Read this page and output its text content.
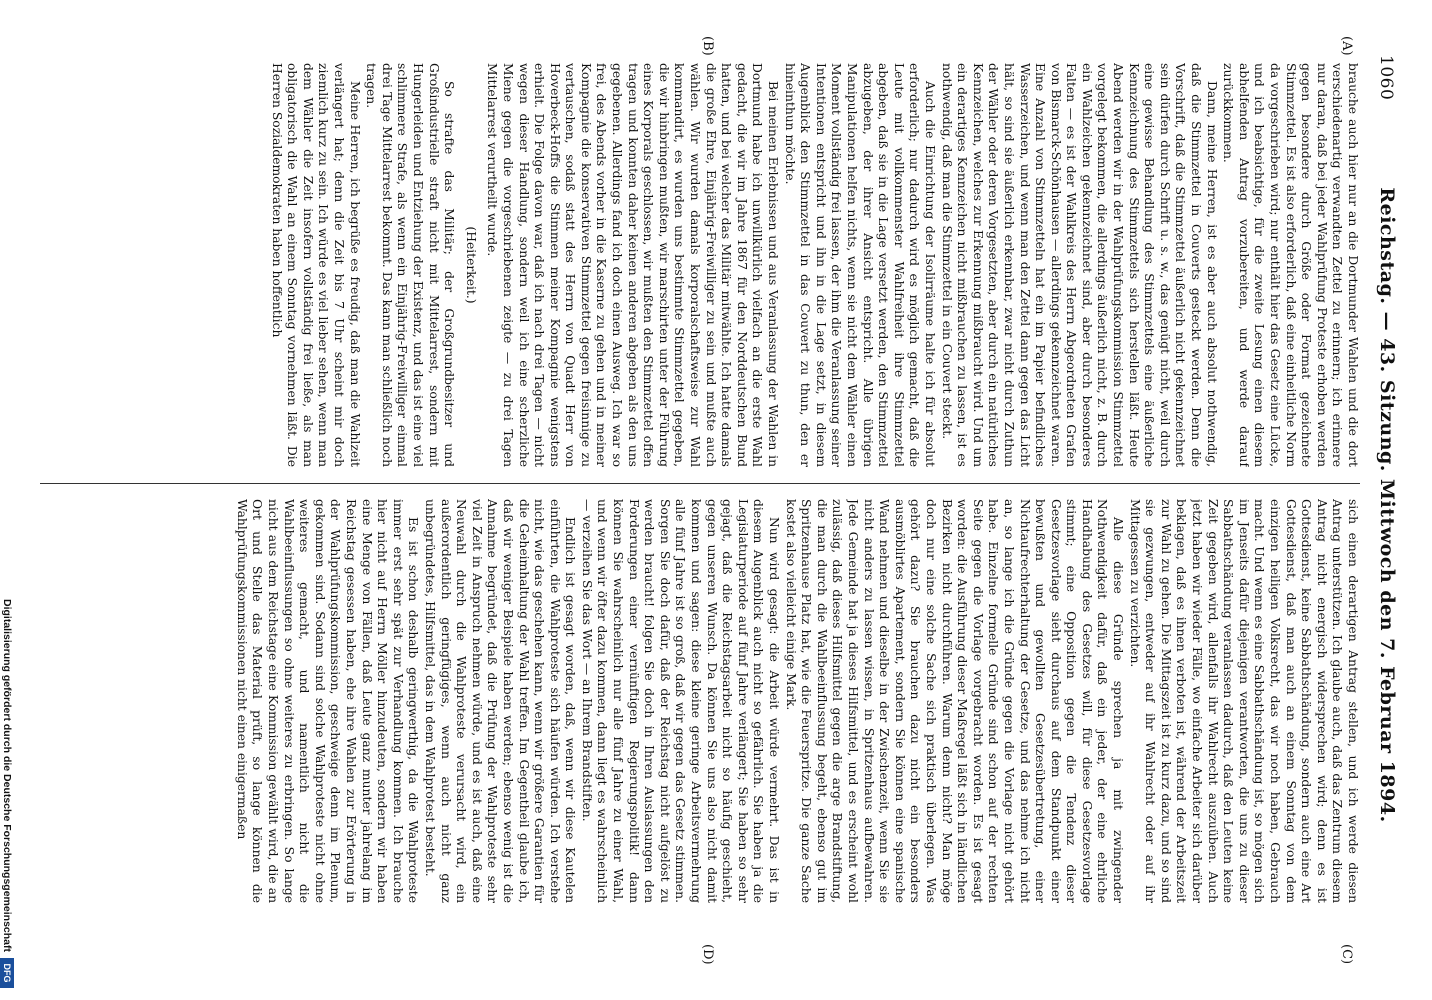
1060
Reichstag. — 43. Sitzung. Mittwoch den 7. Februar 1894.
(A)
(B)
(C)
(D)

brauche auch hier nur an die Dortmunder Wahlen und die dort verschiedenartig verwandten Zettel zu erinnern; ich erinnere nur daran, daß bei jeder Wahlprüfung Proteste erhoben werden gegen besondere durch Größe oder Format gezeichnete Stimmzettel. Es ist also erforderlich, daß eine einheitliche Norm da vorgeschrieben wird; nur enthält hier das Gesetz eine Lücke, und ich beabsichtige, für die zweite Lesung einen diesem abhelfenden Antrag vorzubereiten, und werde darauf zurückkommen.

Dann, meine Herren, ist es aber auch absolut nothwendig, daß die Stimmzettel in Couverts gesteckt werden. Denn die Vorschrift, daß die Stimmzettel äußerlich nicht gekennzeichnet sein dürfen durch Schrift u. s. w., das genügt nicht, weil durch eine gewisse Behandlung des Stimmzettels eine äußerliche Kennzeichnung des Stimmzettels sich herstellen läßt. Heute Abend werden wir in der Wahlprüfungskommission Stimmzettel vorgelegt bekommen, die allerdings äußerlich nicht, z. B. durch ein Wahlzeichen gekennzeichnet sind, aber durch besonderes Falten — es ist der Wahlkreis des Herrn Abgeordneten Grafen von Bismarck-Schönhausen — allerdings gekennzeichnet waren. Eine Anzahl von Stimmzetteln hat ein im Papier befindliches Wasserzeichen, und wenn man den Zettel dann gegen das Licht hält, so sind sie äußerlich erkennbar, zwar nicht durch Zuthun der Wähler oder deren Vorgesetzten, aber durch ein natürliches Kennzeichen, welches zur Erkennung mißbraucht wird. Und um ein derartiges Kennzeichen nicht mißbrauchen zu lassen, ist es nothwendig, daß man die Stimmzettel in ein Couvert steckt.

Auch die Einrichtung der Isolirräume halte ich für absolut erforderlich; nur dadurch wird es möglich gemacht, daß die Leute mit vollkommenster Wahlfreiheit ihre Stimmzettel abgeben, daß sie in die Lage versetzt werden, den Stimmzettel abzugeben, der ihrer Ansicht entspricht. Alle übrigen Manipulationen helfen nichts, wenn sie nicht dem Wähler einen Moment vollständig frei lassen, der ihm die Veranlassung seiner Intentionen entspricht und ihn in die Lage setzt, in diesem Augenblick den Stimmzettel in das Couvert zu thun, den er hineinthun möchte.

Bei meinen Erlebnissen und aus Veranlassung der Wahlen in Dortmund habe ich unwillkürlich vielfach an die erste Wahl gedacht, die wir im Jahre 1867 für den Norddeutschen Bund hatten, und bei welcher das Militär mitwählte. Ich hatte damals die große Ehre, Einjährig-Freiwilliger zu sein und mußte auch wählen. Wir wurden damals korporalschaftsweise zur Wahl kommandirt, es wurden uns bestimmte Stimmzettel gegeben, die wir hinbringen mußten, wir marschirten unter der Führung eines Korporals geschlossen, wir mußten den Stimmzettel offen tragen und konnten daher keinen anderen abgeben als den uns gegebenen. Allerdings fand ich doch einen Ausweg. Ich war so frei, des Abends vorher in die Kaserne zu gehen und in meiner Kompagnie die konservativen Stimmzettel gegen freisinnige zu vertauschen, sodaß statt des Herrn von Quadt Herr von Hoverbeck-Hoffs die Stimmen meiner Kompagnie wenigstens erhielt. Die Folge davon war, daß ich nach drei Tagen — nicht wegen dieser Handlung, sondern weil ich eine scherzliche Miene gegen die vorgeschriebenen zeigte — zu drei Tagen Mittelarrest verurtheilt wurde.

(Heiterkeit.)

So strafte das Militär; der Großgrundbesitzer und Großindustrielle straft nicht mit Mittelarrest, sondern mit Hungerleiden und Entziehung der Existenz, und das ist eine viel schlimmere Strafe, als wenn ein Einjährig-Freiwilliger einmal drei Tage Mittelarrest bekommt. Das kann man schließlich noch tragen.

Meine Herren, ich begrüße es freudig, daß man die Wahlzeit verlängert hat; denn die Zeit bis 7 Uhr scheint mir doch ziemlich kurz zu sein. Ich würde es viel lieber sehen, wenn man dem Wähler die Zeit insofern vollständig frei ließe, als man obligatorisch die Wahl an einem Sonntag vornehmen läßt. Die Herren Sozialdemokraten haben hoffentlich

sich einen derartigen Antrag stellen, und ich werde diesen Antrag unterstützen. Ich glaube auch, daß das Zentrum diesem Antrag nicht energisch widersprechen wird; denn es ist Gottesdienst, keine Sabbathschändung, sondern auch eine Art Gottesdienst, daß man auch an einem Sonntag von dem einzigen heiligen Volksrecht, das wir noch haben, Gebrauch macht. Und wenn es eine Sabbathschändung ist, so mögen sich im Jenseits dafür diejenigen verantworten, die uns zu dieser Sabbathschändung veranlassen dadurch, daß den Leuten keine Zeit gegeben wird, allenfalls ihr Wahlrecht auszuüben. Auch jetzt haben wir wieder Fälle, wo einfache Arbeiter sich darüber beklagen, daß es ihnen verboten ist, während der Arbeitszeit zur Wahl zu gehen. Die Mittagszeit ist zu kurz dazu, und so sind sie gezwungen, entweder auf ihr Wahlrecht oder auf ihr Mittagessen zu verzichten.

Alle diese Gründe sprechen ja mit zwingender Nothwendigkeit dafür, daß ein jeder, der eine ehrliche Handhabung des Gesetzes will, für diese Gesetzesvorlage stimmt; eine Opposition gegen die Tendenz dieser Gesetzesvorlage sieht durchaus auf dem Standpunkt einer bewußten und gewollten Gesetzesübertretung, einer Nichtaufrechterhaltung der Gesetze, und das nehme ich nicht an, so lange ich die Gründe gegen die Vorlage nicht gehört habe. Einzelne formelle Gründe sind schon auf der rechten Seite gegen die Vorlage vorgebracht worden. Es ist gesagt worden: die Ausführung dieser Maßregel läßt sich in ländlichen Bezirken nicht durchführen. Warum denn nicht? Man möge doch nur eine solche Sache sich praktisch überlegen. Was gehört dazu? Sie brauchen dazu nicht ein besonders ausmöblirtes Apartement, sondern Sie können eine spanische Wand nehmen und dieselbe in der Zwischenzeit, wenn Sie sie nicht anders zu lassen wissen, in Spritzenhaus aufbewahren. Jede Gemeinde hat ja dieses Hilfsmittel, und es erscheint wohl zulässig, daß dieses Hilfsmittel gegen die arge Brandstiftung, die man durch die Wahlbeeinflussung begeht, ebenso gut im Spritzenhause Platz hat, wie die Feuerspritze. Die ganze Sache kostet also vielleicht einige Mark.

Nun wird gesagt: die Arbeit würde vermehrt. Das ist in diesem Augenblick auch nicht so gefährlich. Sie haben ja die Legislaturperiode auf fünf Jahre verlängert; Sie haben so sehr gejagt, daß die Reichstagsarbeit nicht so häufig geschieht, gegen unseren Wunsch. Da können Sie uns also nicht damit kommen und sagen: diese kleine geringe Arbeitsvermehrung alle fünf Jahre ist so groß, daß wir gegen das Gesetz stimmen. Sorgen Sie doch dafür, daß der Reichstag nicht aufgelöst zu werden braucht! folgen Sie doch in Ihren Auslassungen den Forderungen einer vernünftigen Regierungspolitik! dann können Sie wahrscheinlich nur alle fünf Jahre zu einer Wahl, und wenn wir öfter dazu kommen, dann liegt es wahrscheinlich — verzeihen Sie das Wort — an Ihrem Brandstiften.

Endlich ist gesagt worden, daß, wenn wir diese Kautelen einführten, die Wahlproteste sich häufen würden. Ich verstehe nicht, wie das geschehen kann, wenn wir größere Garantien für die Geheimhaltung der Wahl treffen. Im Gegentheil glaube ich, daß wir weniger Beispiele haben werden; ebenso wenig ist die Annahme begründet, daß die Prüfung der Wahlproteste sehr viel Zeit in Anspruch nehmen würde, und es ist auch, daß eine Neuwahl durch die Wahlproteste verursacht wird, ein außerordentlich geringfügiges, wenn auch nicht ganz unbegründetes, Hilfsmittel, das in dem Wahlprotest besteht.

Es ist schon deshalb geringwerthig, da die Wahlproteste immer erst sehr spät zur Verhandlung kommen. Ich brauche hier nicht auf Herrn Möller hinzudeuten, sondern wir haben eine Menge von Fällen, daß Leute ganz munter jahrelang im Reichstag gesessen haben, ehe ihre Wahlen zur Erörterung in der Wahlprüfungskommission, geschweige denn im Plenum, gekommen sind. Sodann sind solche Wahlproteste nicht ohne weiteres gemacht, und namentlich nicht die Wahlbeeinflussungen so ohne weiteres zu erbringen. So lange nicht aus dem Reichstage eine Kommission gewählt wird, die an Ort und Stelle das Material prüft, so lange können die Wahlprüfungskommissionen nicht einen einigermaßen

Digitalisierung gefördert durch die Deutsche Forschungsgemeinschaft
DFG
